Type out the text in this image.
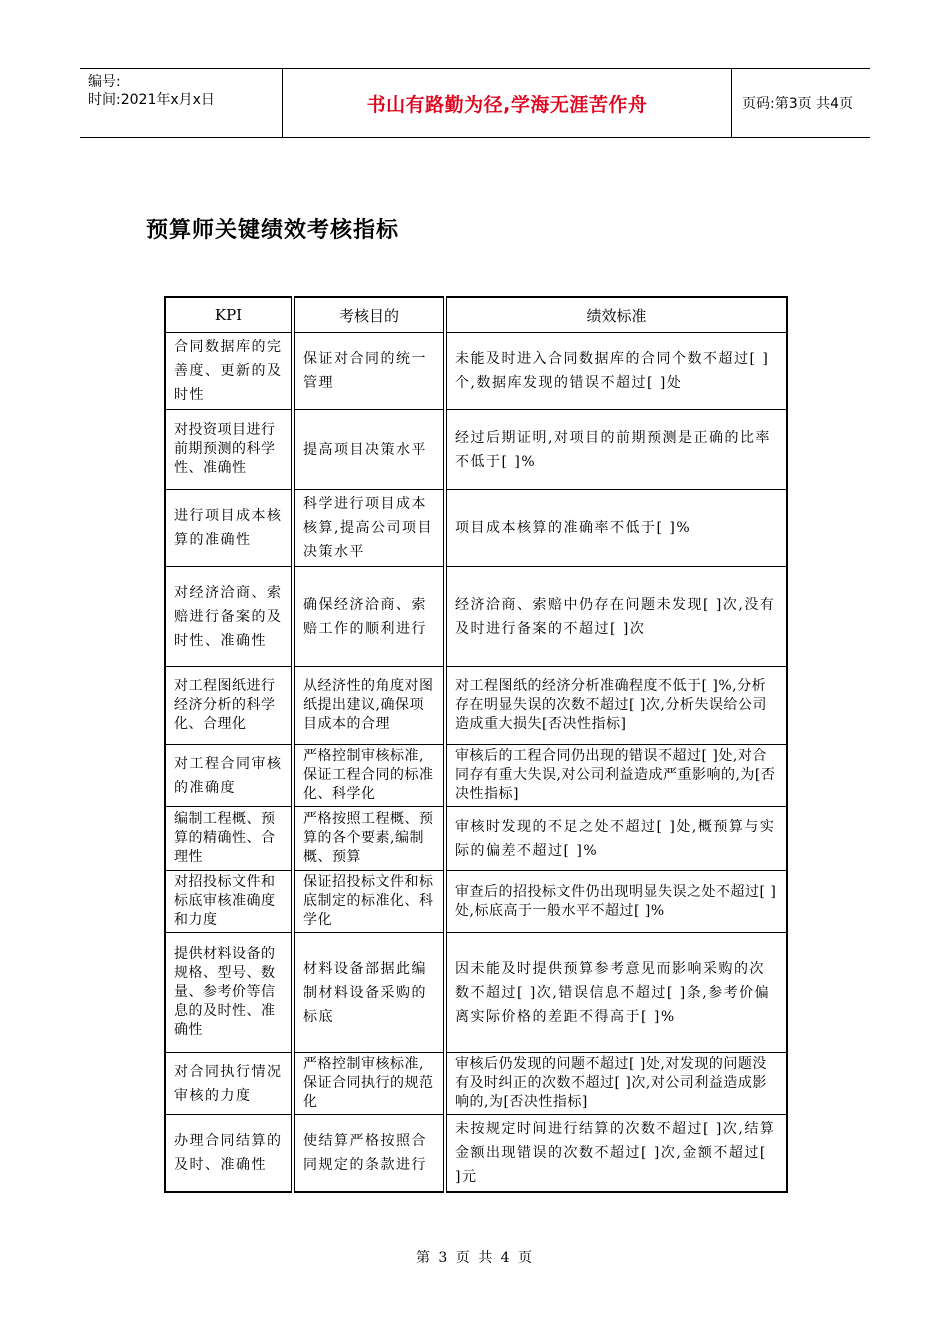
编号:
时间:2021年x月x日	书山有路勤为径,学海无涯苦作舟	页码:第3页 共4页
预算师关键绩效考核指标
KPI	考核目的	绩效标准
合同数据库的完善度、更新的及时性	保证对合同的统一管理	未能及时进入合同数据库的合同个数不超过[ ]个,数据库发现的错误不超过[ ]处
对投资项目进行前期预测的科学性、准确性	提高项目决策水平	经过后期证明,对项目的前期预测是正确的比率不低于[ ]%
进行项目成本核算的准确性	科学进行项目成本核算,提高公司项目决策水平	项目成本核算的准确率不低于[ ]%
对经济洽商、索赔进行备案的及时性、准确性	确保经济洽商、索赔工作的顺利进行	经济洽商、索赔中仍存在问题未发现[ ]次,没有及时进行备案的不超过[ ]次
对工程图纸进行经济分析的科学化、合理化	从经济性的角度对图纸提出建议,确保项目成本的合理	对工程图纸的经济分析准确程度不低于[ ]%,分析存在明显失误的次数不超过[ ]次,分析失误给公司造成重大损失[否决性指标]
对工程合同审核的准确度	严格控制审核标准,保证工程合同的标准化、科学化	审核后的工程合同仍出现的错误不超过[ ]处,对合同存有重大失误,对公司利益造成严重影响的,为[否决性指标]
编制工程概、预算的精确性、合理性	严格按照工程概、预算的各个要素,编制概、预算	审核时发现的不足之处不超过[ ]处,概预算与实际的偏差不超过[ ]%
对招投标文件和标底审核准确度和力度	保证招投标文件和标底制定的标准化、科学化	审查后的招投标文件仍出现明显失误之处不超过[ ]处,标底高于一般水平不超过[ ]%
提供材料设备的规格、型号、数量、参考价等信息的及时性、准确性	材料设备部据此编制材料设备采购的标底	因未能及时提供预算参考意见而影响采购的次数不超过[ ]次,错误信息不超过[ ]条,参考价偏离实际价格的差距不得高于[ ]%
对合同执行情况审核的力度	严格控制审核标准,保证合同执行的规范化	审核后仍发现的问题不超过[ ]处,对发现的问题没有及时纠正的次数不超过[ ]次,对公司利益造成影响的,为[否决性指标]
办理合同结算的及时、准确性	使结算严格按照合同规定的条款进行	未按规定时间进行结算的次数不超过[ ]次,结算金额出现错误的次数不超过[ ]次,金额不超过[ ]元
第 3 页 共 4 页
